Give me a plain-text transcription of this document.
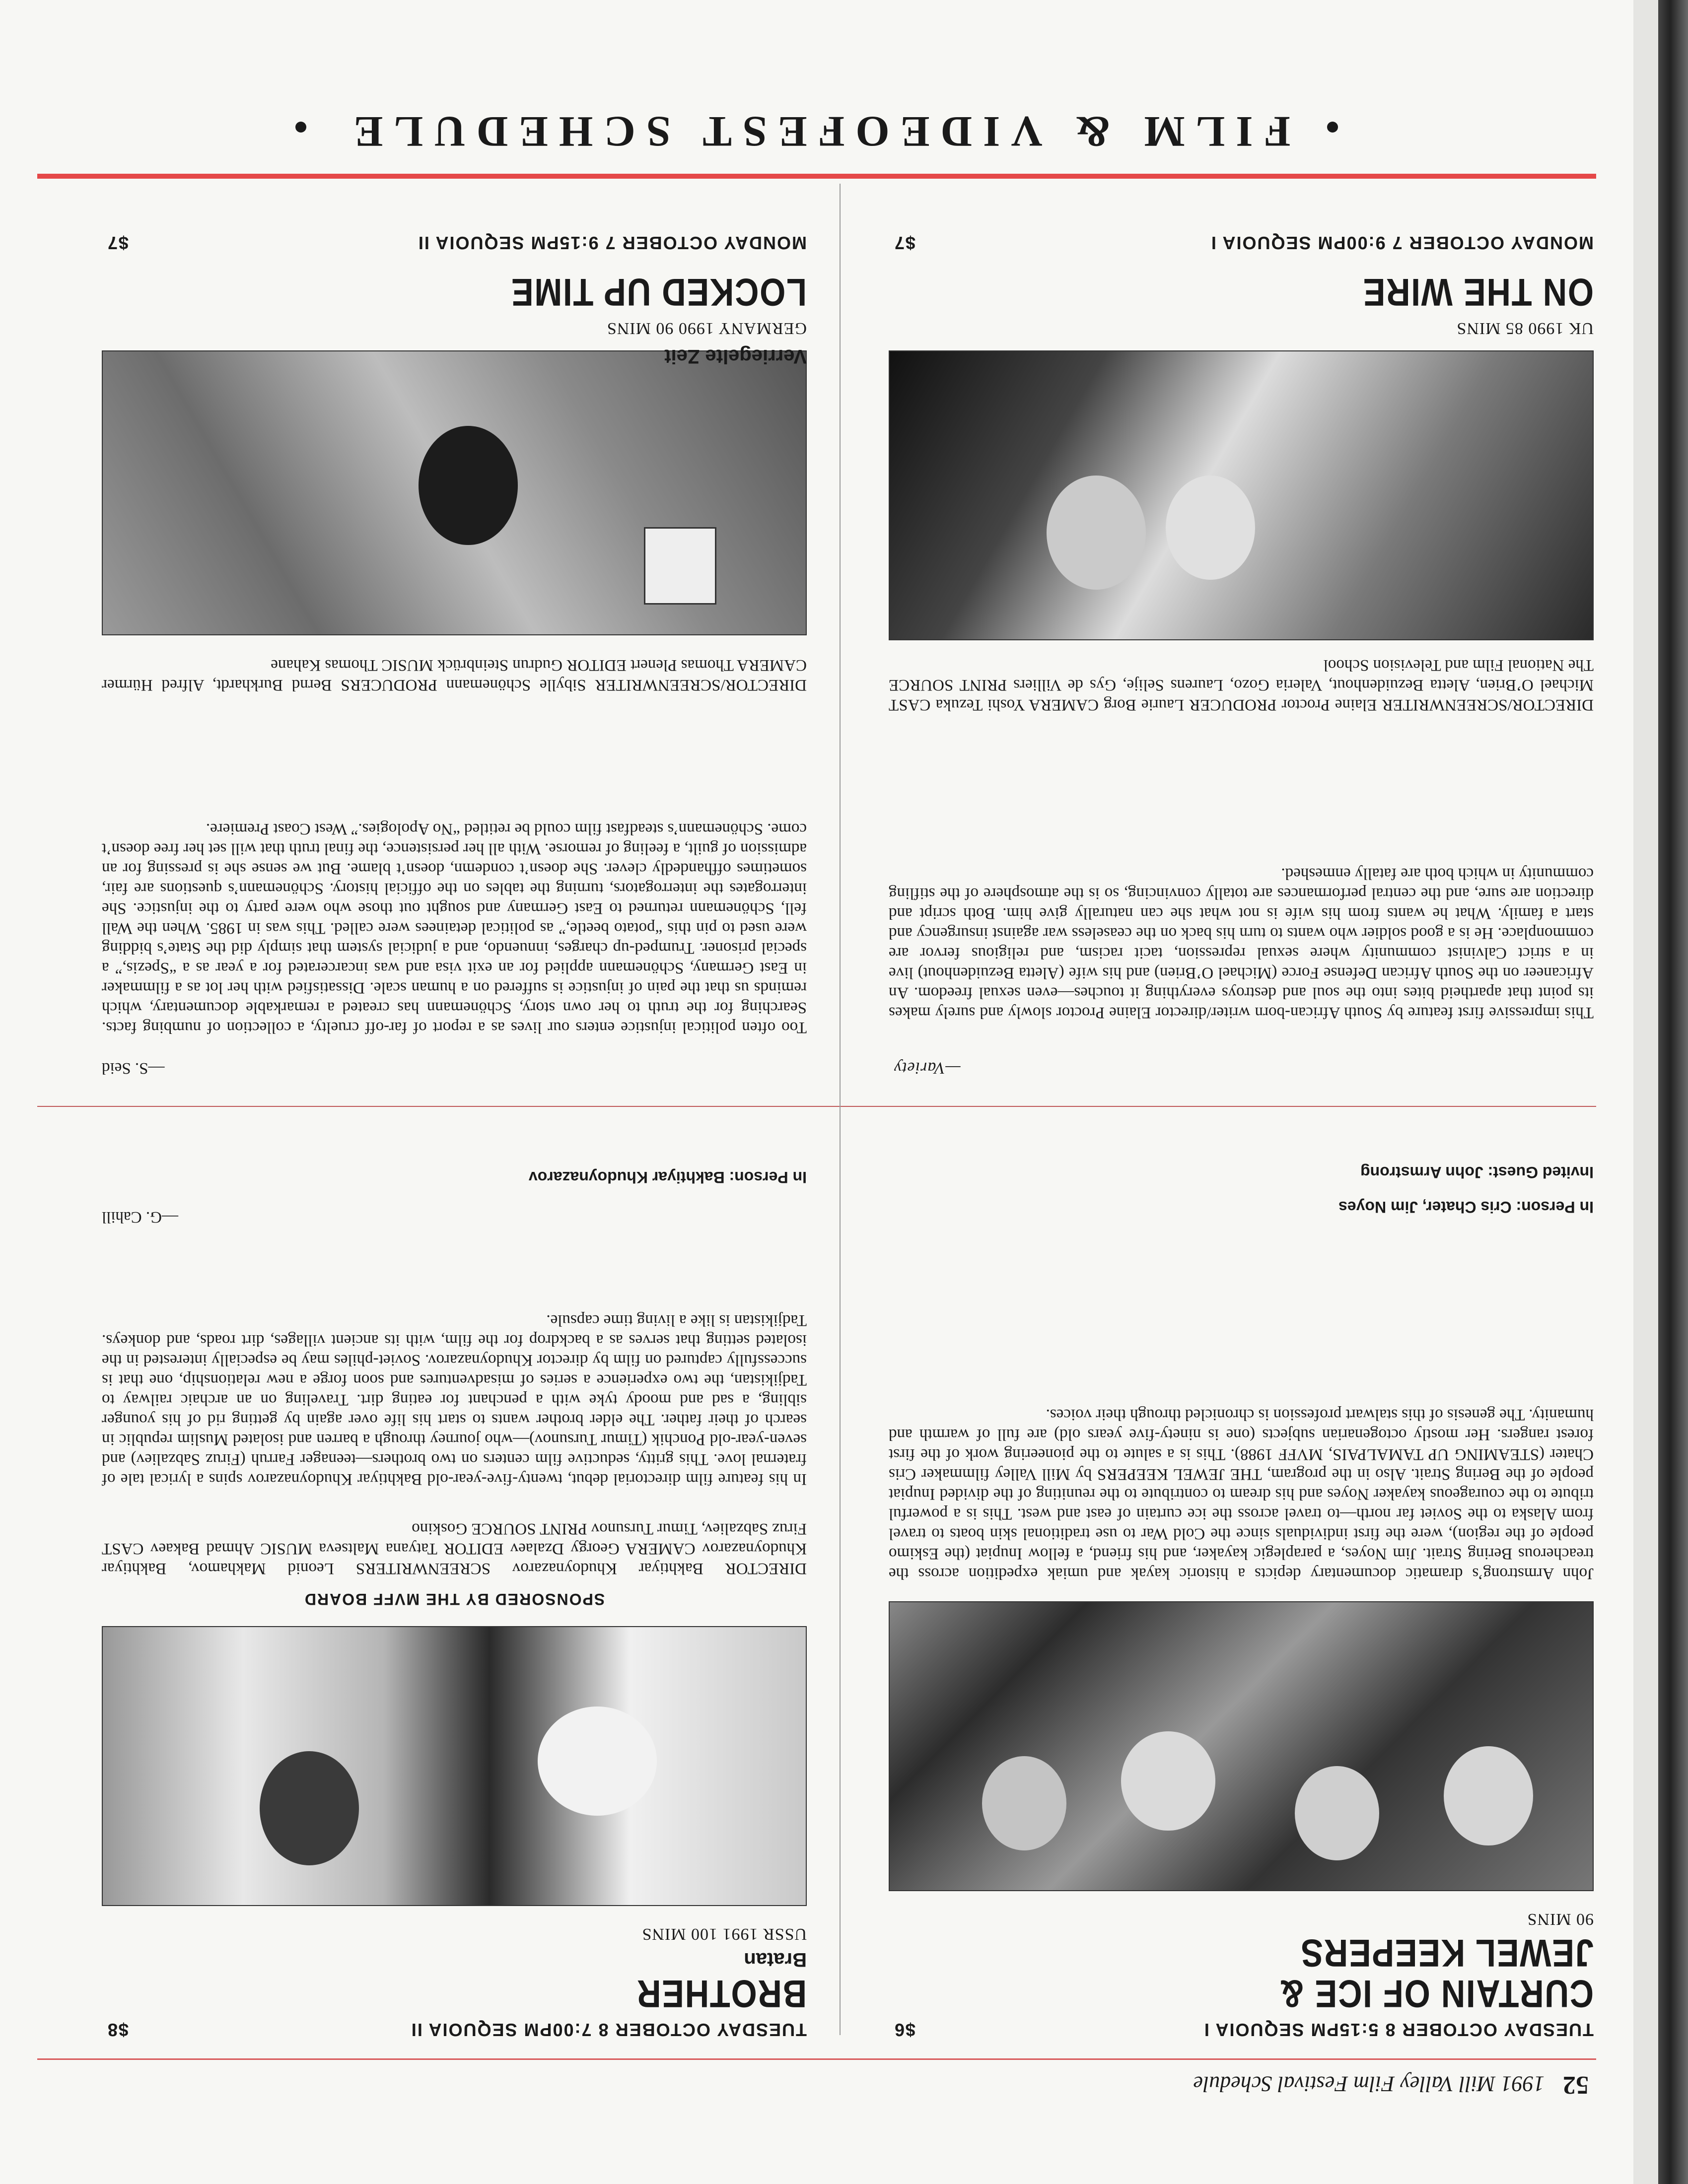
52 1991 Mill Valley Film Festival Schedule
TUESDAY OCTOBER 8 5:15PM SEQUOIA I
$6
CURTAIN OF ICE &
JEWEL KEEPERS
90 MINS
John Armstrong’s dramatic documentary depicts a historic kayak and umiak expedition across the treacherous Bering Strait. Jim Noyes, a paraplegic kayaker, and his friend, a fellow Inupiat (the Eskimo people of the region), were the first individuals since the Cold War to use traditional skin boats to travel from Alaska to the Soviet far north—to travel across the ice curtain of east and west. This is a powerful tribute to the courageous kayaker Noyes and his dream to contribute to the reuniting of the divided Inupiat people of the Bering Strait. Also in the program, THE JEWEL KEEPERS by Mill Valley filmmaker Cris Chater (STEAMING UP TAMALPAIS, MVFF 1988). This is a salute to the pioneering work of the first forest rangers. Her mostly octogenarian subjects (one is ninety-five years old) are full of warmth and humanity. The genesis of this stalwart profession is chronicled through their voices.
In Person: Cris Chater, Jim Noyes
Invited Guest: John Armstrong
TUESDAY OCTOBER 8 7:00PM SEQUOIA II
$8
BROTHER
Bratan
USSR 1991 100 MINS
SPONSORED BY THE MVFF BOARD
DIRECTOR Bakhtiyar Khudoynazarov SCREENWRITERS Leonid Makhamov, Bakhtiyar Khudoynazarov CAMERA Georgy Dzalaev EDITOR Tatyana Maltseva MUSIC Ahmad Bakaev CAST Firuz Sabzaliev, Timur Tursunov PRINT SOURCE Goskino
In his feature film directorial debut, twenty-five-year-old Bakhtiyar Khudoynazarov spins a lyrical tale of fraternal love. This gritty, seductive film centers on two brothers—teenager Farruh (Firuz Sabzaliev) and seven-year-old Ponchik (Timur Tursunov)—who journey through a barren and isolated Muslim republic in search of their father. The elder brother wants to start his life over again by getting rid of his younger sibling, a sad and moody tyke with a penchant for eating dirt. Traveling on an archaic railway to Tadjikistan, the two experience a series of misadventures and soon forge a new relationship, one that is successfully captured on film by director Khudoynazarov. Soviet-philes may be especially interested in the isolated setting that serves as a backdrop for the film, with its ancient villages, dirt roads, and donkeys. Tadjikistan is like a living time capsule.
—G. Cahill
In Person: Bakhtiyar Khudoynazarov
—Variety
This impressive first feature by South African-born writer/director Elaine Proctor slowly and surely makes its point that apartheid bites into the soul and destroys everything it touches—even sexual freedom. An Africaneer on the South African Defense Force (Michael O’Brien) and his wife (Aletta Bezuidenhout) live in a strict Calvinist community where sexual repression, tacit racism, and religious fervor are commonplace. He is a good soldier who wants to turn his back on the ceaseless war against insurgency and start a family. What he wants from his wife is not what she can naturally give him. Both script and direction are sure, and the central performances are totally convincing, so is the atmosphere of the stifling community in which both are fatally enmeshed.
DIRECTOR/SCREENWRITER Elaine Proctor PRODUCER Laurie Borg CAMERA Yoshi Tezuka CAST Michael O’Brien, Aletta Bezuidenhout, Valeria Gozo, Laurens Selije, Gys de Villiers PRINT SOURCE The National Film and Television School
UK 1990 85 MINS
ON THE WIRE
MONDAY OCTOBER 7 9:00PM SEQUOIA I
$7
—S. Seid
Too often political injustice enters our lives as a report of far-off cruelty, a collection of numbing facts. Searching for the truth to her own story, Schönemann has created a remarkable documentary, which reminds us that the pain of injustice is suffered on a human scale. Dissatisfied with her lot as a filmmaker in East Germany, Schönemann applied for an exit visa and was incarcerated for a year as a “Spezis,” a special prisoner. Trumped-up charges, innuendo, and a judicial system that simply did the State’s bidding were used to pin this “potato beetle,” as political detainees were called. This was in 1985. When the Wall fell, Schönemann returned to East Germany and sought out those who were party to the injustice. She interrogates the interrogators, turning the tables on the official history. Schönemann’s questions are fair, sometimes offhandedly clever. She doesn’t condemn, doesn’t blame. But we sense she is pressing for an admission of guilt, a feeling of remorse. With all her persistence, the final truth that will set her free doesn’t come. Schönemann’s steadfast film could be retitled “No Apologies.” West Coast Premiere.
DIRECTOR/SCREENWRITER Sibylle Schönemann PRODUCERS Bernd Burkhardt, Alfred Hürmer CAMERA Thomas Plenert EDITOR Gudrun Steinbrück MUSIC Thomas Kahane
GERMANY 1990 90 MINS
Verriegelte Zeit
LOCKED UP TIME
MONDAY OCTOBER 7 9:15PM SEQUOIA II
$7
FILM & VIDEOFEST SCHEDULE
